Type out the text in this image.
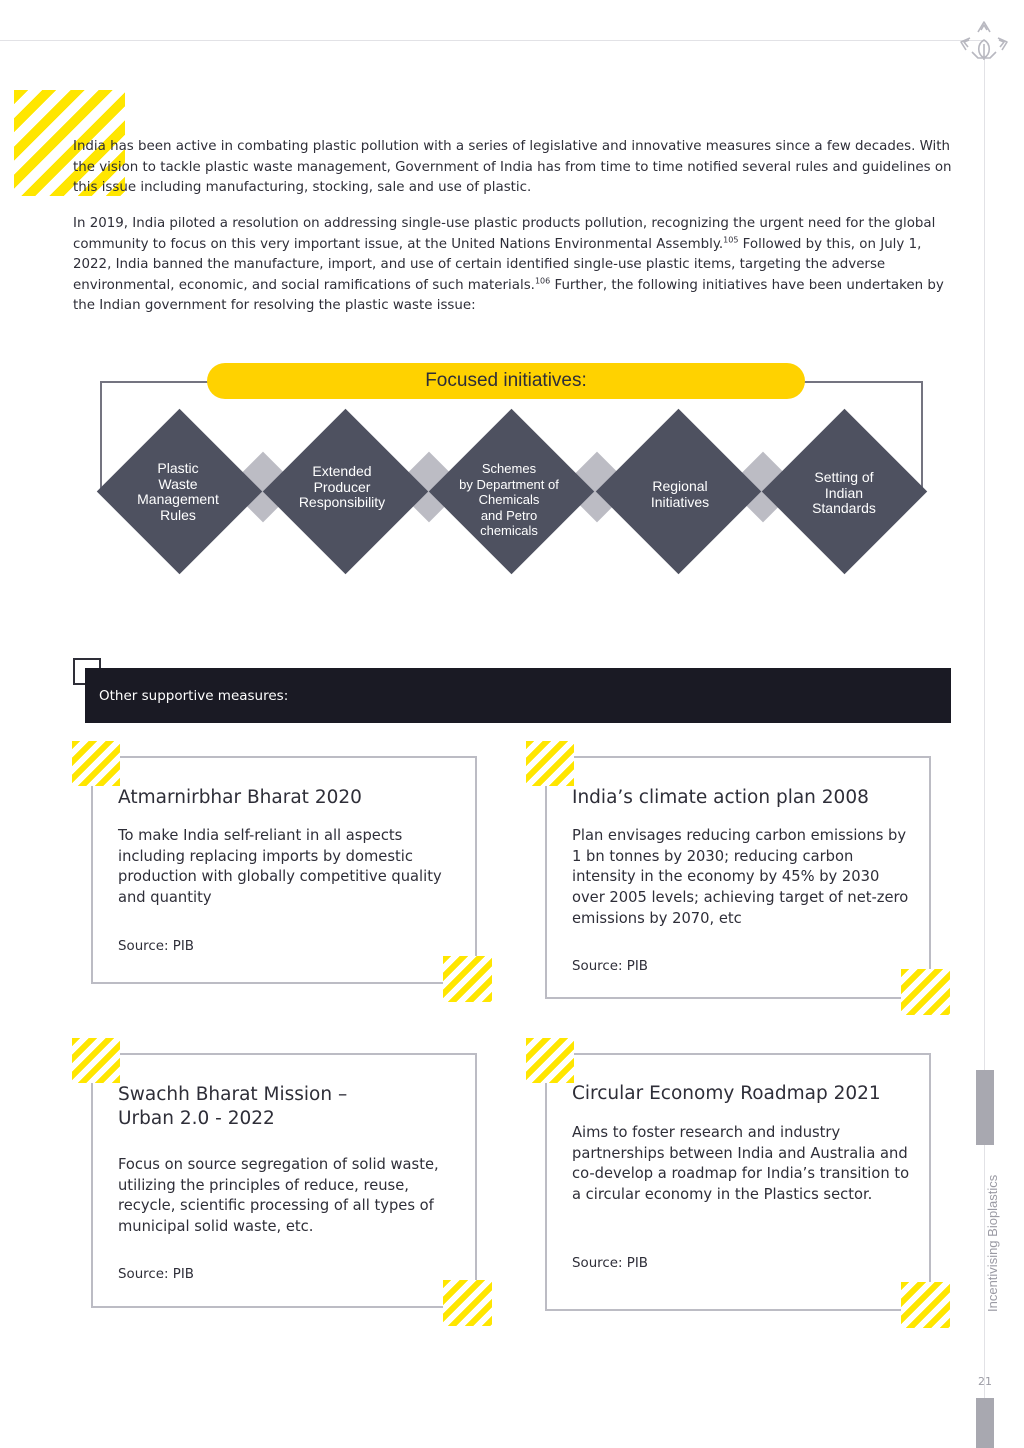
India has been active in combating plastic pollution with a series of legislative and innovative measures since a few decades. With the vision to tackle plastic waste management, Government of India has from time to time notified several rules and guidelines on this issue including manufacturing, stocking, sale and use of plastic.

In 2019, India piloted a resolution on addressing single-use plastic products pollution, recognizing the urgent need for the global community to focus on this very important issue, at the United Nations Environmental Assembly.$^{105}$ Followed by this, on July 1, 2022, India banned the manufacture, import, and use of certain identified single-use plastic items, targeting the adverse environmental, economic, and social ramifications of such materials.$^{106}$ Further, the following initiatives have been undertaken by the Indian government for resolving the plastic waste issue:

Plastic
Waste
Management
Rules
Extended
Producer
Responsibility
Schemes
by Department of
Chemicals
and Petro
chemicals
Regional
Initiatives
Setting of
Indian
Standards
Focused initiatives:
Other supportive measures:
Atmarnirbhar Bharat 2020
To make India self-reliant in all aspects including replacing imports by domestic production with globally competitive quality and quantity
Source: PIB
India’s climate action plan 2008
Plan envisages reducing carbon emissions by 1 bn tonnes by 2030; reducing carbon intensity in the economy by 45% by 2030 over 2005 levels; achieving target of net-zero emissions by 2070, etc
Source: PIB
Swachh Bharat Mission –
Urban 2.0 - 2022
Focus on source segregation of solid waste, utilizing the principles of reduce, reuse, recycle, scientific processing of all types of municipal solid waste, etc.
Source: PIB
Circular Economy Roadmap 2021
Aims to foster research and industry partnerships between India and Australia and co-develop a roadmap for India’s transition to a circular economy in the Plastics sector.
Source: PIB	Incentivising Bioplastics
21
